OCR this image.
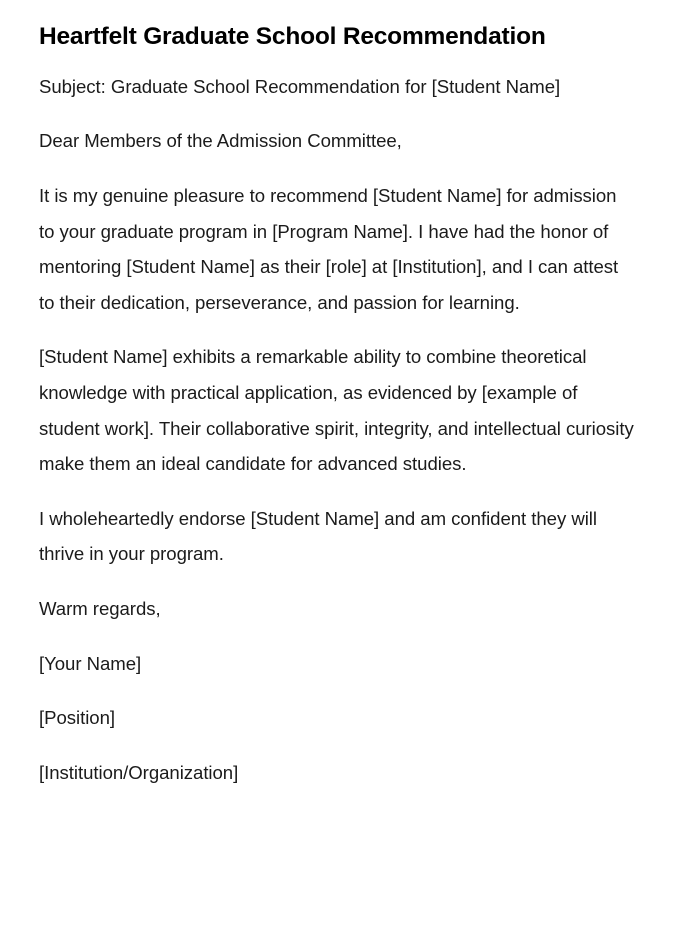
Heartfelt Graduate School Recommendation

Subject: Graduate School Recommendation for [Student Name]

Dear Members of the Admission Committee,

It is my genuine pleasure to recommend [Student Name] for admission to your graduate program in [Program Name]. I have had the honor of mentoring [Student Name] as their [role] at [Institution], and I can attest to their dedication, perseverance, and passion for learning.

[Student Name] exhibits a remarkable ability to combine theoretical knowledge with practical application, as evidenced by [example of student work]. Their collaborative spirit, integrity, and intellectual curiosity make them an ideal candidate for advanced studies.

I wholeheartedly endorse [Student Name] and am confident they will thrive in your program.

Warm regards,

[Your Name]

[Position]

[Institution/Organization]
